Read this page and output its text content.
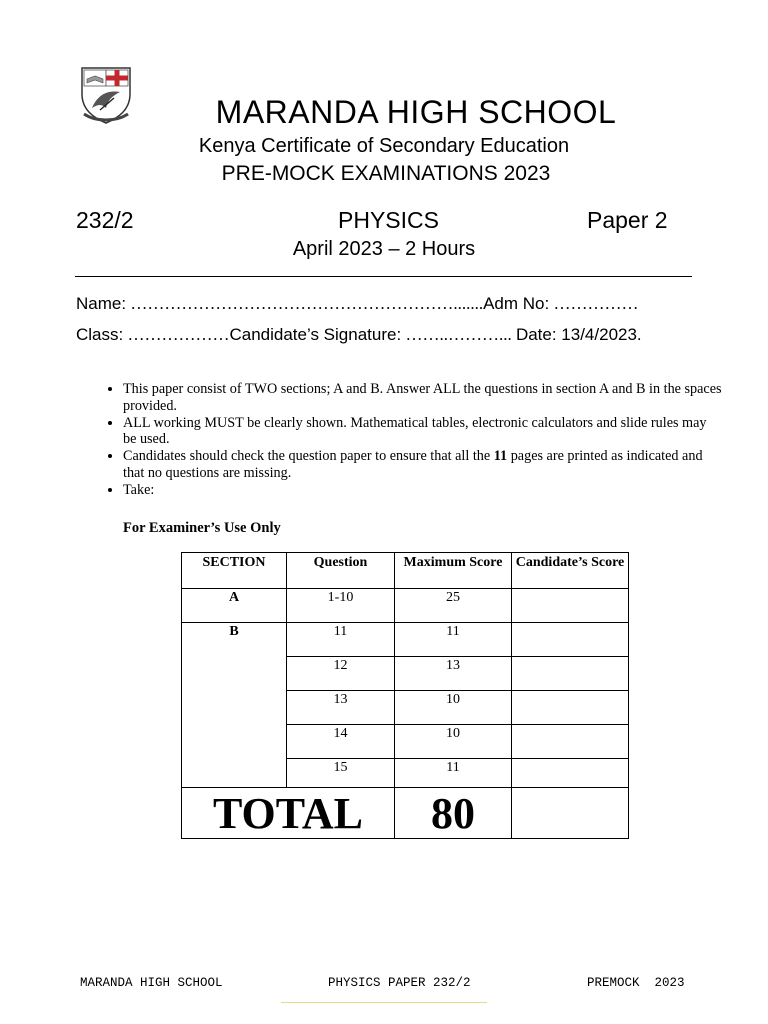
MARANDA HIGH SCHOOL
Kenya Certificate of Secondary Education
PRE-MOCK EXAMINATIONS 2023
232/2	PHYSICS	Paper 2
April 2023 – 2 Hours
Name: ………………………………………………….......Adm No: ……………
Class: ………………Candidate’s Signature: ……..………... Date: 13/4/2023.
• This paper consist of TWO sections; A and B. Answer ALL the questions in section A and B in the spaces provided.
• ALL working MUST be clearly shown. Mathematical tables, electronic calculators and slide rules may be used.
• Candidates should check the question paper to ensure that all the 11 pages are printed as indicated and that no questions are missing.
• Take:
For Examiner’s Use Only
SECTION	Question	Maximum Score	Candidate’s Score
A	1-10	25	
B	11	11	
	12	13	
	13	10	
	14	10	
	15	11	
TOTAL		80	
MARANDA HIGH SCHOOL	PHYSICS PAPER 232/2	PREMOCK  2023
